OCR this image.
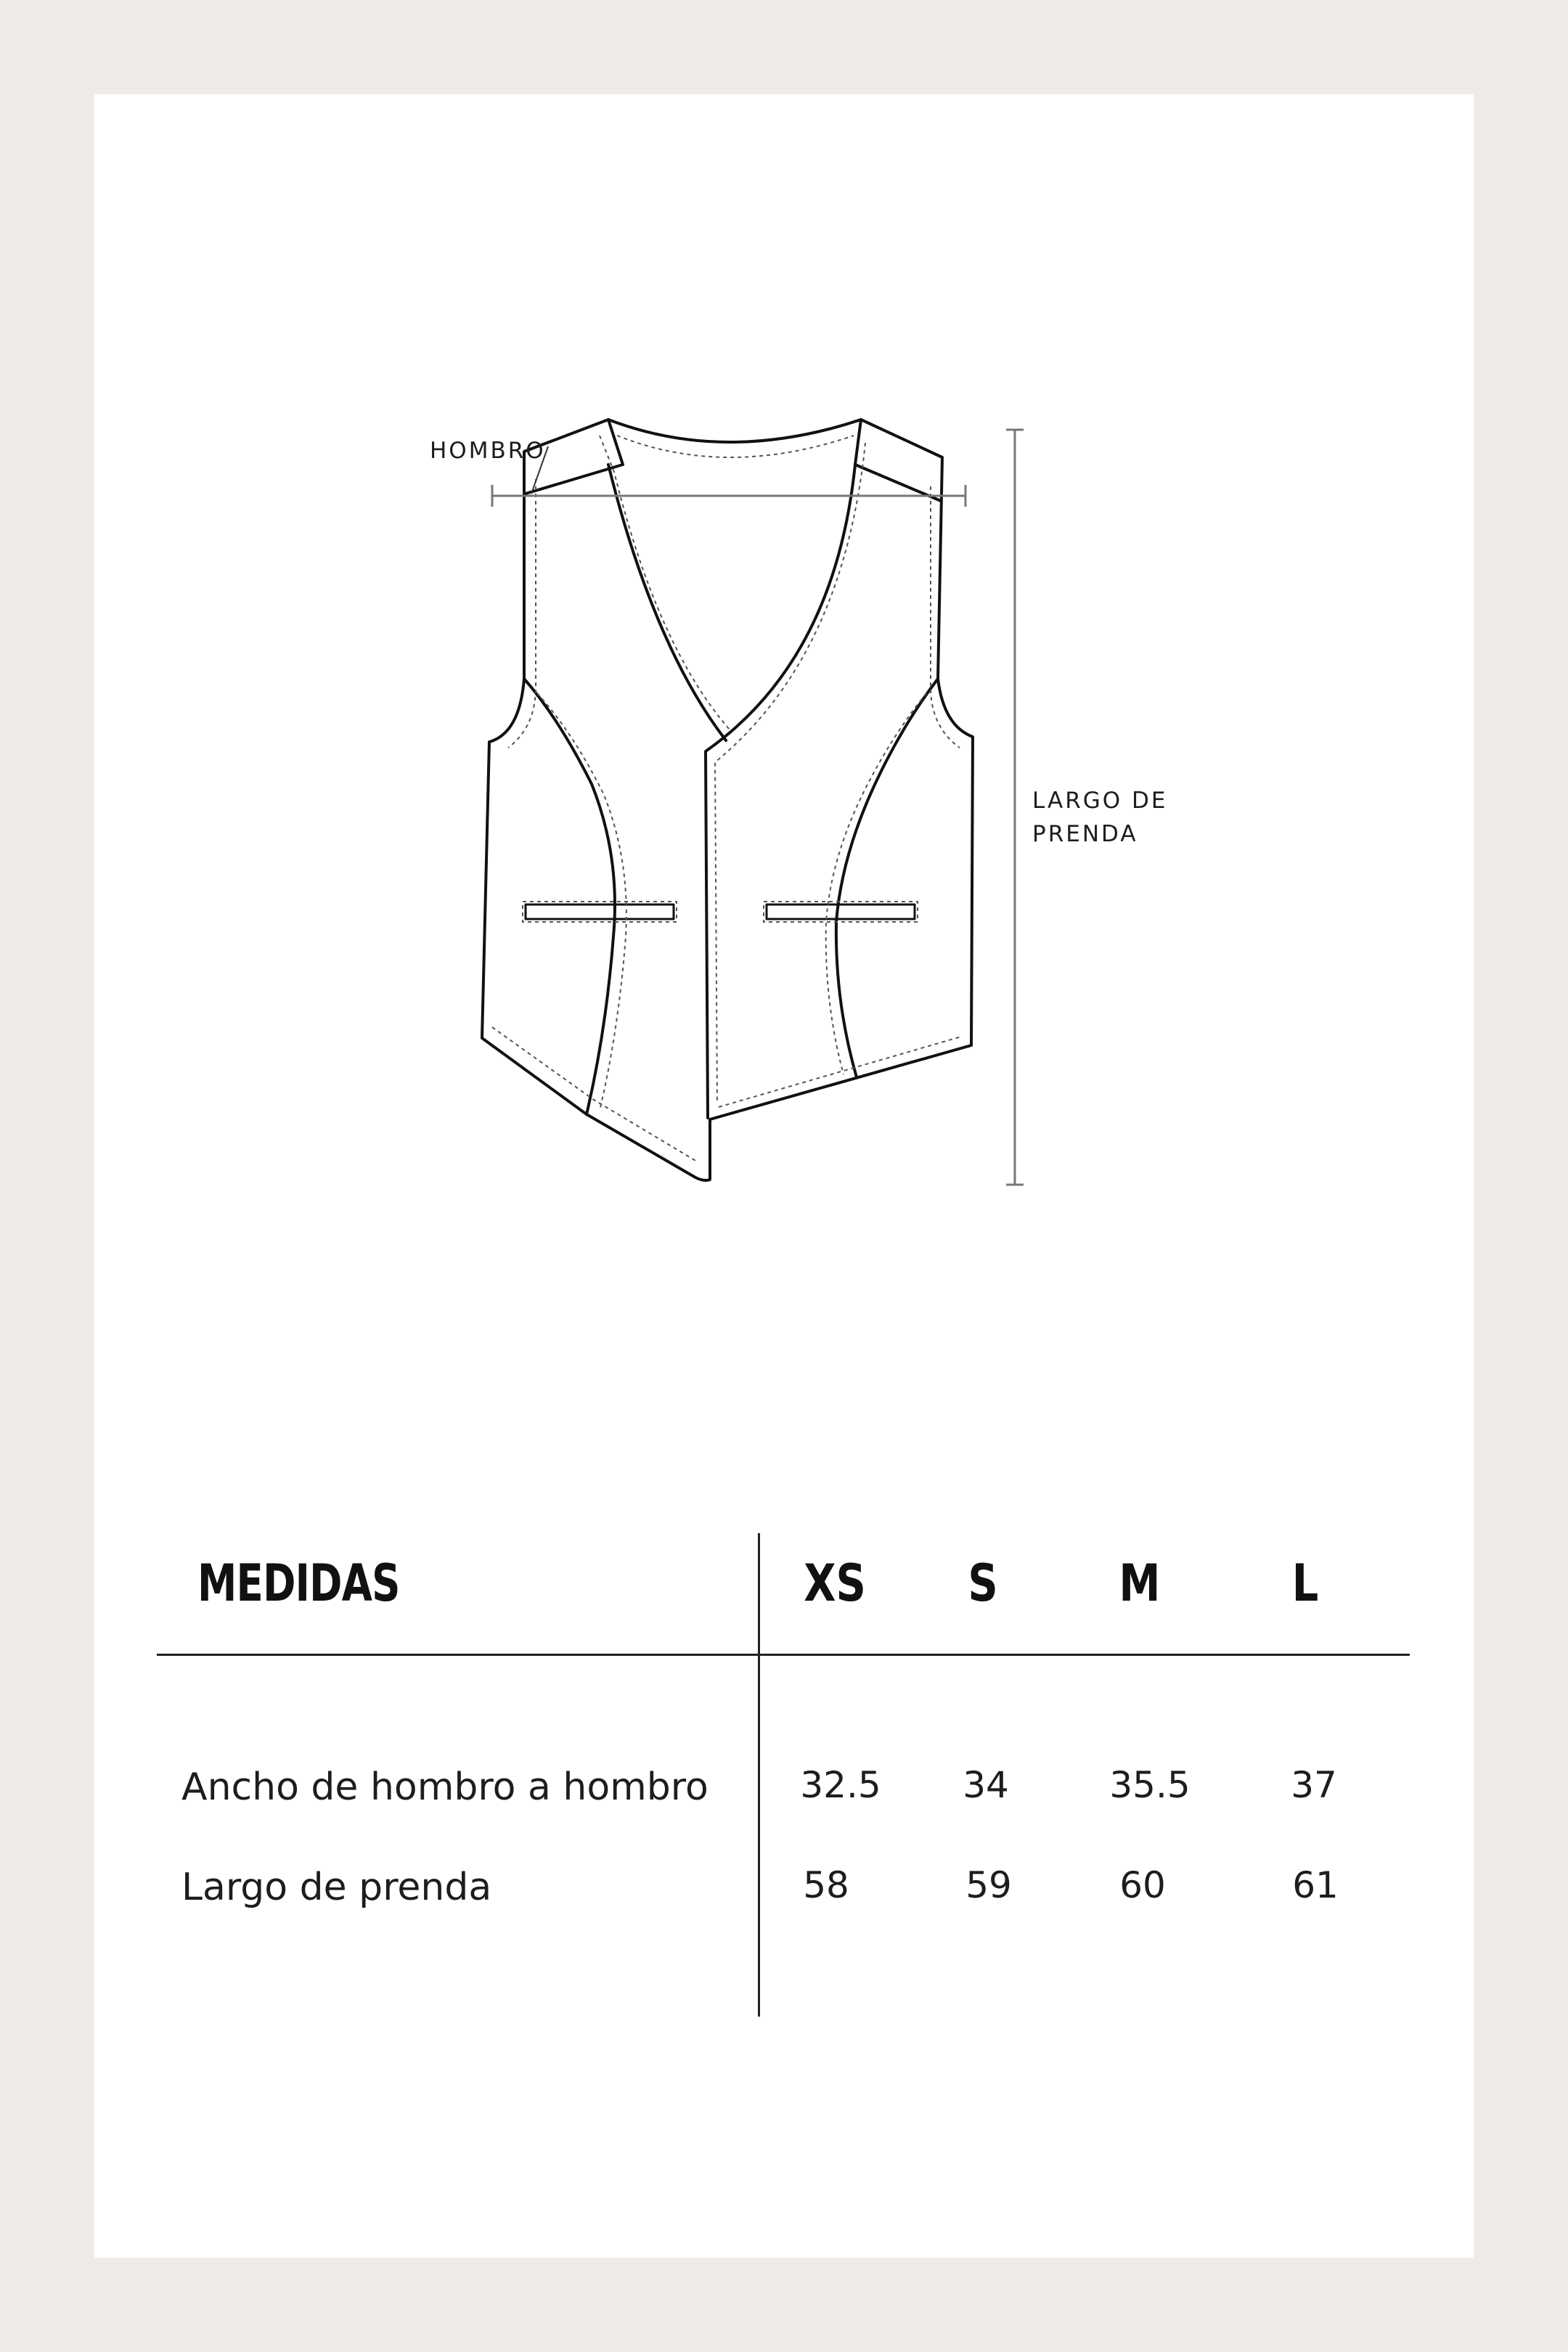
HOMBRO
LARGO DE
PRENDA
MEDIDAS	XS	S	M	L
Ancho de hombro a hombro	32.5	34	35.5	37
Largo de prenda	58	59	60	61
